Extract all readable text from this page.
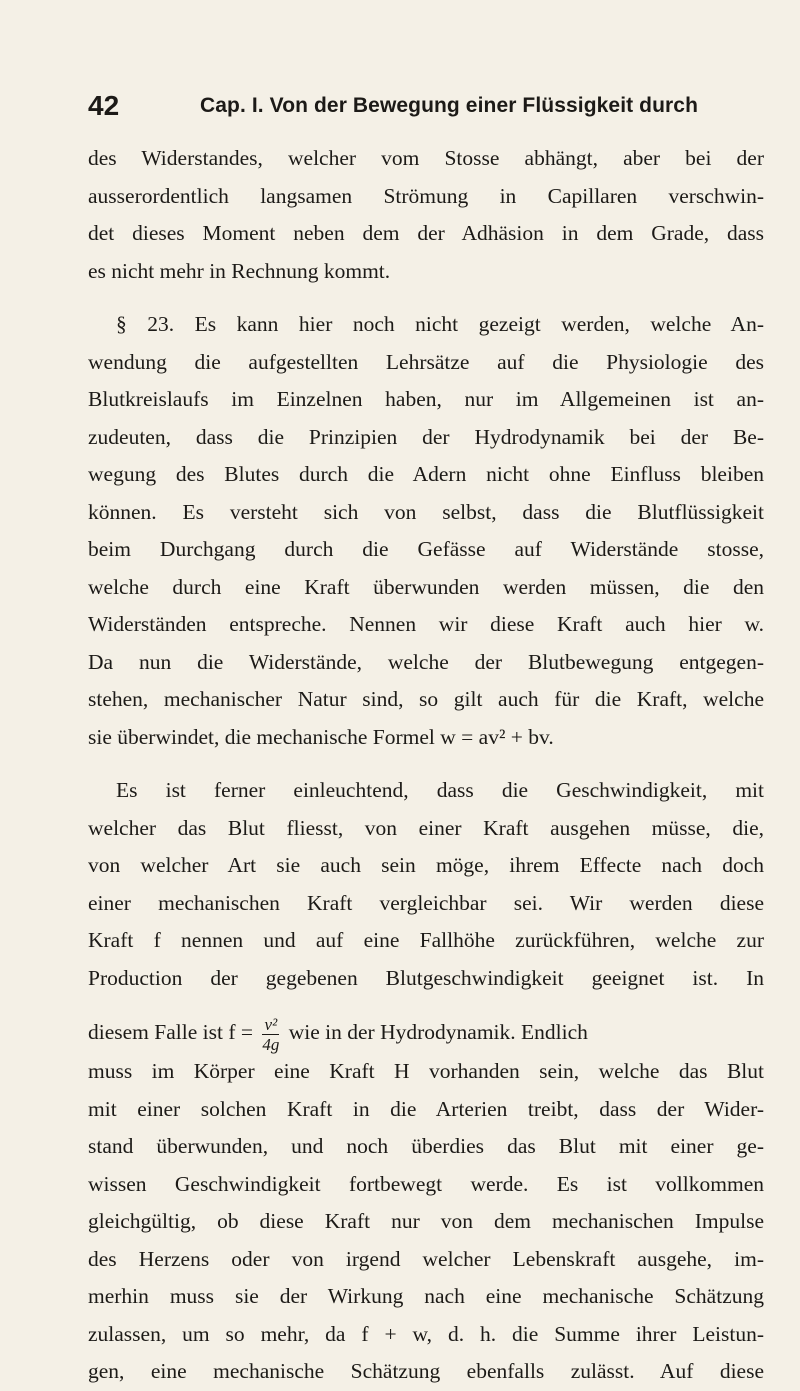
42	Cap. I. Von der Bewegung einer Flüssigkeit durch
des Widerstandes, welcher vom Stosse abhängt, aber bei der
ausserordentlich langsamen Strömung in Capillaren verschwin-
det dieses Moment neben dem der Adhäsion in dem Grade, dass
es nicht mehr in Rechnung kommt.
§ 23. Es kann hier noch nicht gezeigt werden, welche An-
wendung die aufgestellten Lehrsätze auf die Physiologie des
Blutkreislaufs im Einzelnen haben, nur im Allgemeinen ist an-
zudeuten, dass die Prinzipien der Hydrodynamik bei der Be-
wegung des Blutes durch die Adern nicht ohne Einfluss bleiben
können. Es versteht sich von selbst, dass die Blutflüssigkeit
beim Durchgang durch die Gefässe auf Widerstände stosse,
welche durch eine Kraft überwunden werden müssen, die den
Widerständen entspreche. Nennen wir diese Kraft auch hier w.
Da nun die Widerstände, welche der Blutbewegung entgegen-
stehen, mechanischer Natur sind, so gilt auch für die Kraft, welche
sie überwindet, die mechanische Formel w = av² + bv.
Es ist ferner einleuchtend, dass die Geschwindigkeit, mit
welcher das Blut fliesst, von einer Kraft ausgehen müsse, die,
von welcher Art sie auch sein möge, ihrem Effecte nach doch
einer mechanischen Kraft vergleichbar sei. Wir werden diese
Kraft f nennen und auf eine Fallhöhe zurückführen, welche zur
Production der gegebenen Blutgeschwindigkeit geeignet ist. In
diesem Falle ist $f = \frac{\text{v²}}{4g}$ wie in der Hydrodynamik. Endlich
muss im Körper eine Kraft H vorhanden sein, welche das Blut
mit einer solchen Kraft in die Arterien treibt, dass der Wider-
stand überwunden, und noch überdies das Blut mit einer ge-
wissen Geschwindigkeit fortbewegt werde. Es ist vollkommen
gleichgültig, ob diese Kraft nur von dem mechanischen Impulse
des Herzens oder von irgend welcher Lebenskraft ausgehe, im-
merhin muss sie der Wirkung nach eine mechanische Schätzung
zulassen, um so mehr, da f + w, d. h. die Summe ihrer Leistun-
gen, eine mechanische Schätzung ebenfalls zulässt. Auf diese
